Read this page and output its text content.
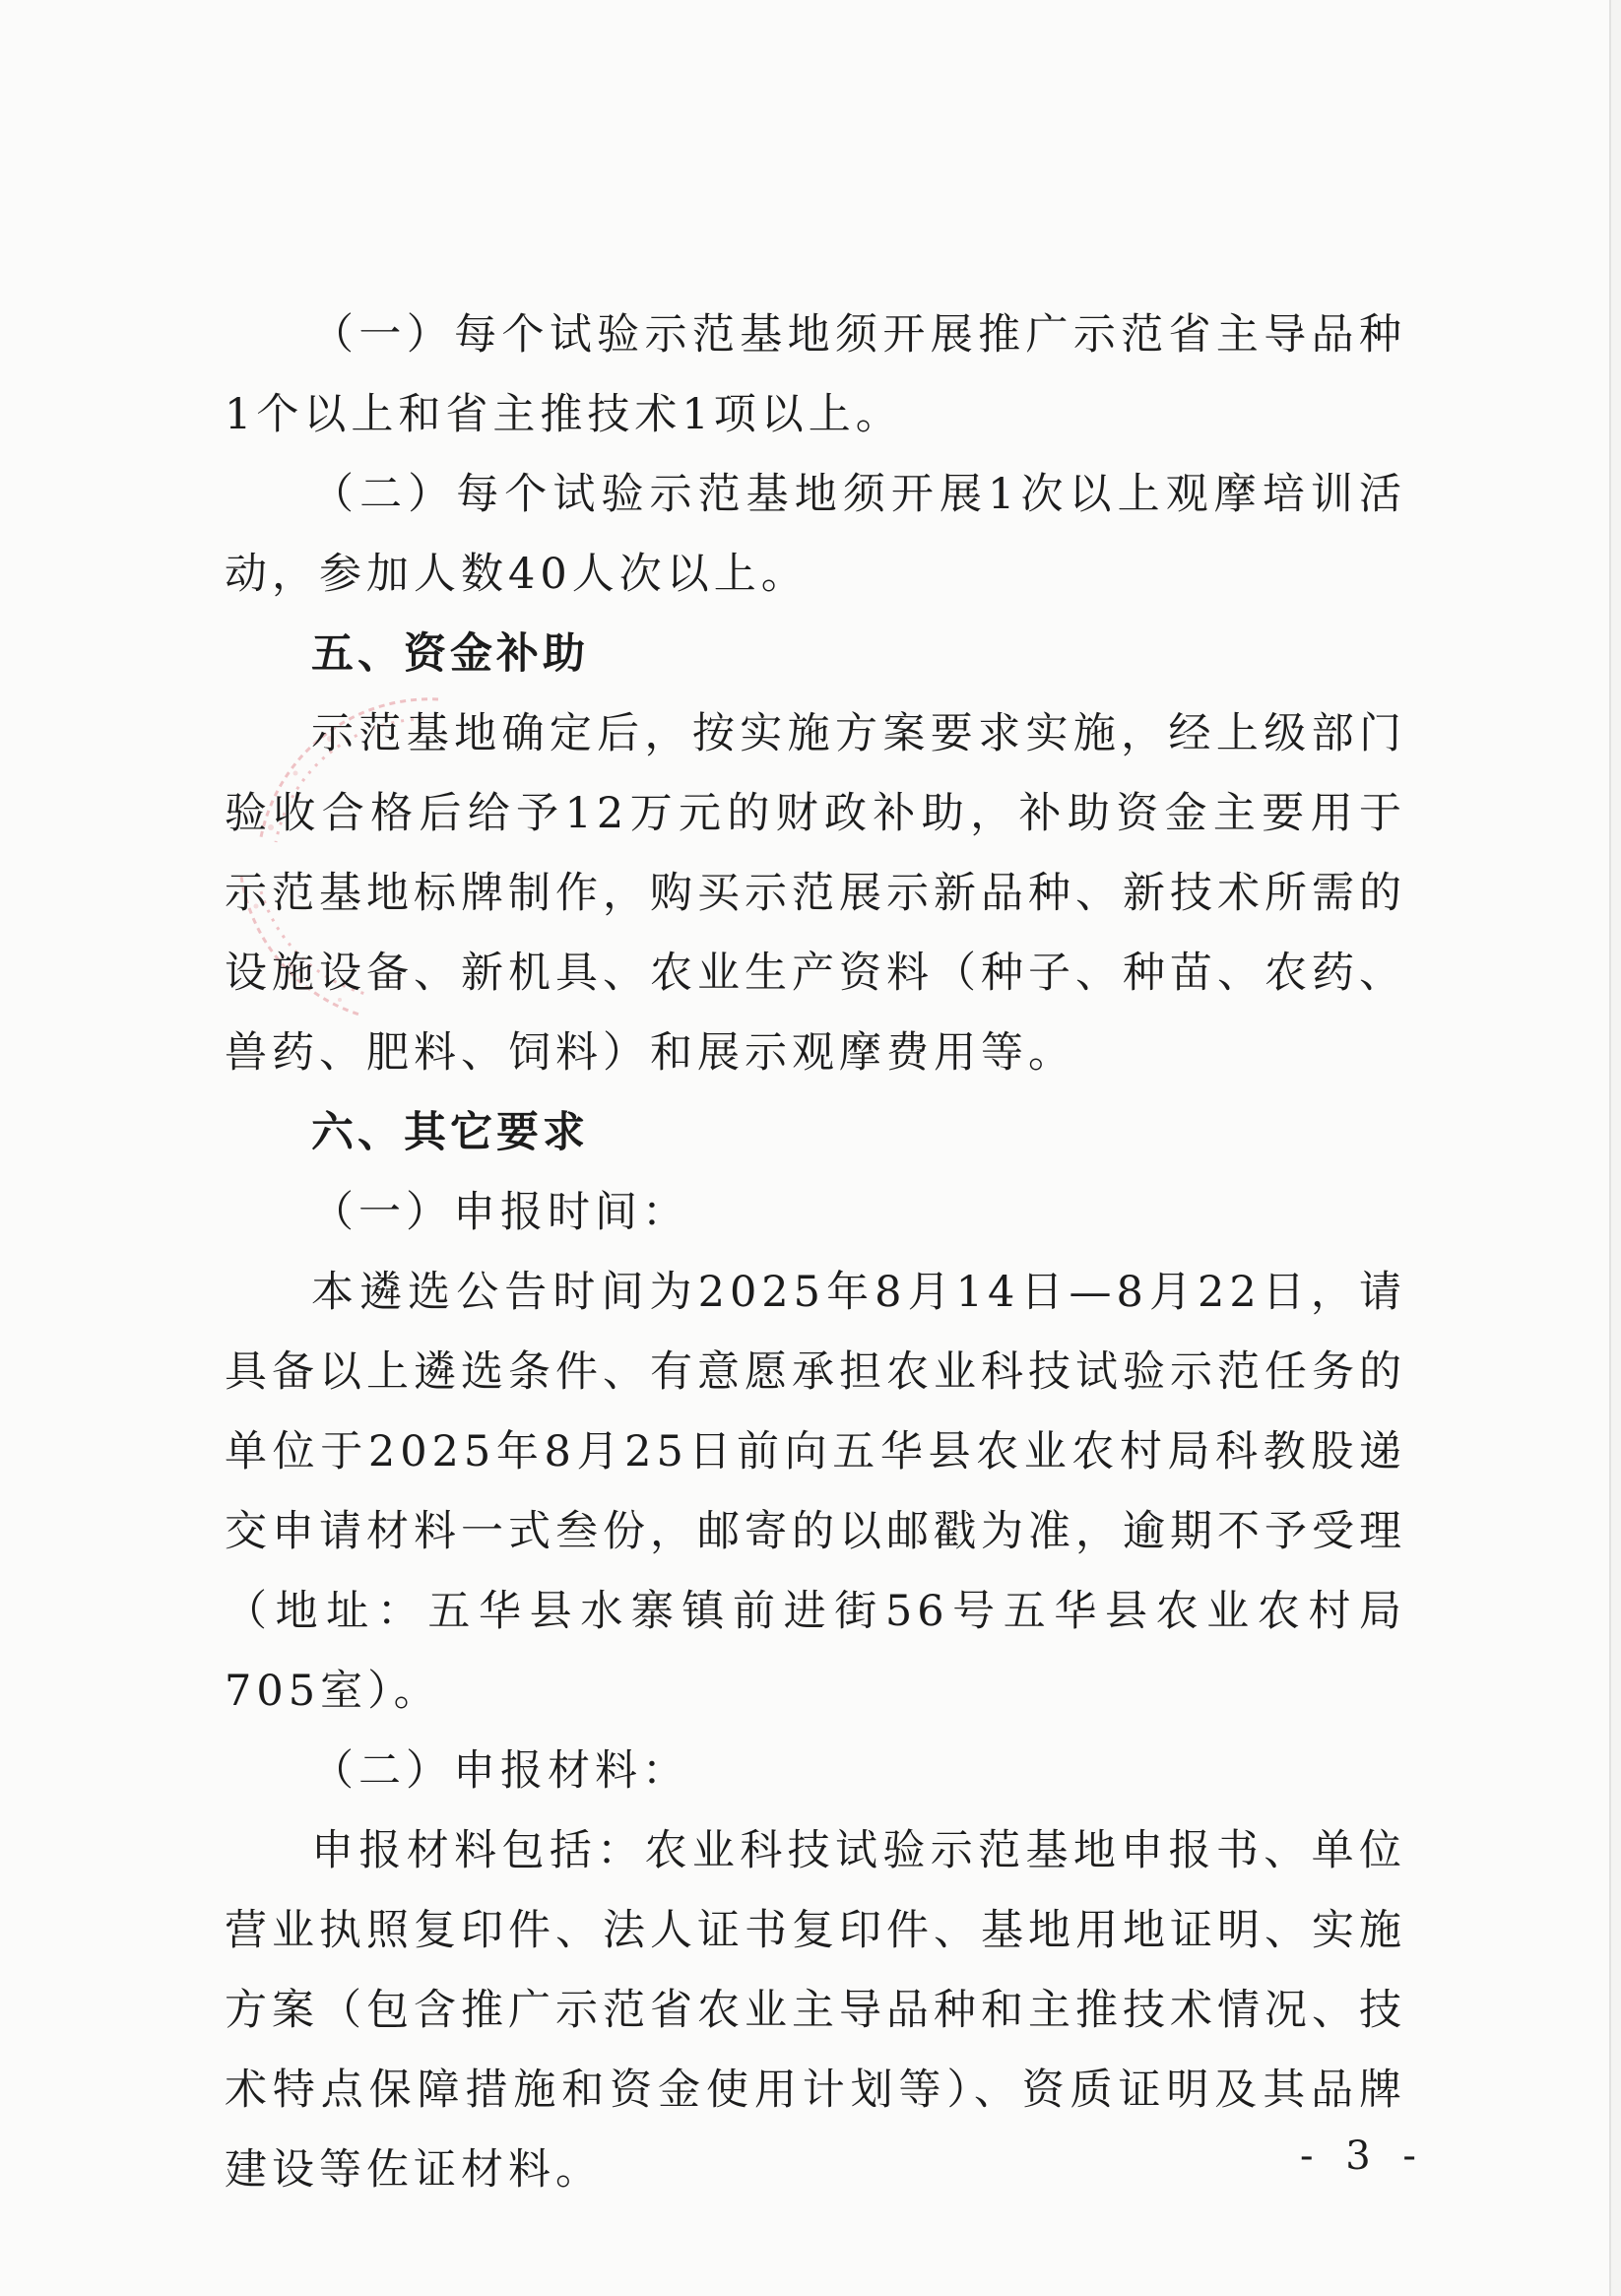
（一）每个试验示范基地须开展推广示范省主导品种1个以上和省主推技术1项以上。

（二）每个试验示范基地须开展1次以上观摩培训活动，参加人数40人次以上。

五、资金补助

示范基地确定后，按实施方案要求实施，经上级部门验收合格后给予12万元的财政补助，补助资金主要用于示范基地标牌制作，购买示范展示新品种、新技术所需的设施设备、新机具、农业生产资料（种子、种苗、农药、兽药、肥料、饲料）和展示观摩费用等。

六、其它要求

（一）申报时间：

本遴选公告时间为2025年8月14日—8月22日，请具备以上遴选条件、有意愿承担农业科技试验示范任务的单位于2025年8月25日前向五华县农业农村局科教股递交申请材料一式叁份，邮寄的以邮戳为准，逾期不予受理（地址：五华县水寨镇前进街56号五华县农业农村局705室）。

（二）申报材料：

申报材料包括：农业科技试验示范基地申报书、单位营业执照复印件、法人证书复印件、基地用地证明、实施方案（包含推广示范省农业主导品种和主推技术情况、技术特点保障措施和资金使用计划等）、资质证明及其品牌建设等佐证材料。	- 3 -
